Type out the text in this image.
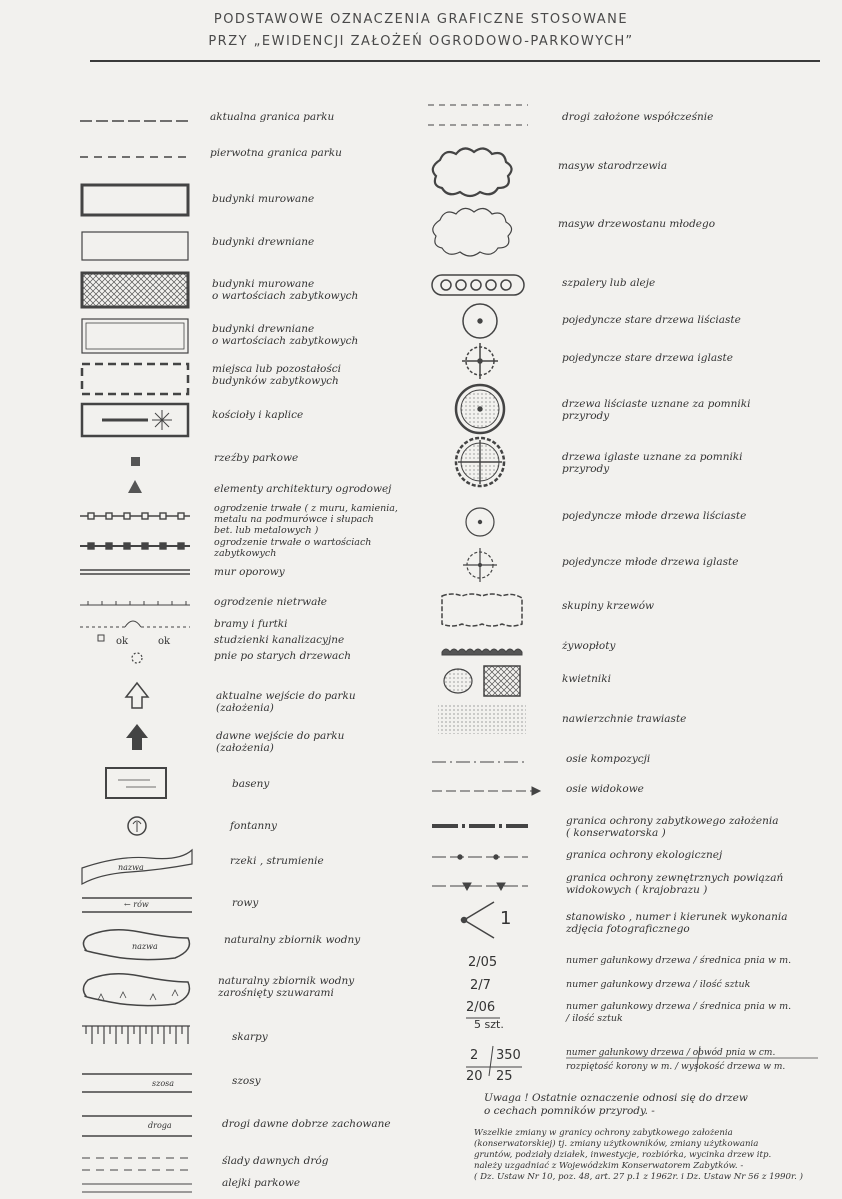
PODSTAWOWE OZNACZENIA GRAFICZNE STOSOWANE
PRZY „EWIDENCJI ZAŁOŻEŃ OGRODOWO-PARKOWYCH”
aktualna granica parku
pierwotna granica parku
budynki murowane
budynki drewniane
budynki murowane
o wartościach zabytkowych
budynki drewniane
o wartościach zabytkowych
miejsca lub pozostałości
budynków zabytkowych
kościoły i kaplice
rzeźby parkowe
elementy architektury ogrodowej
ogrodzenie trwałe ( z muru, kamienia,
metalu na podmurówce i słupach
bet. lub metalowych )
ogrodzenie trwałe o wartościach
zabytkowych
mur oporowy
ogrodzenie nietrwałe
bramy i furtki
studzienki kanalizacyjne
pnie po starych drzewach
aktualne wejście do parku
(założenia)
dawne wejście do parku
(założenia)
baseny
fontanny
rzeki , strumienie
rowy
naturalny zbiornik wodny
naturalny zbiornik wodny
zarośnięty szuwarami
skarpy
szosy
drogi dawne dobrze zachowane
ślady dawnych dróg
alejki parkowe
ok	ok
nazwa
← rów
nazwa
szosa
droga
drogi założone współcześnie
masyw starodrzewia
masyw drzewostanu młodego
szpalery lub aleje
pojedyncze stare drzewa liściaste
pojedyncze stare drzewa iglaste
drzewa liściaste uznane za pomniki
przyrody
drzewa iglaste uznane za pomniki
przyrody
pojedyncze młode drzewa liściaste
pojedyncze młode drzewa iglaste
skupiny krzewów
żywopłoty
kwietniki
nawierzchnie trawiaste
osie kompozycji
osie widokowe
granica ochrony zabytkowego założenia
( konserwatorska )
granica ochrony ekologicznej
granica ochrony zewnętrznych powiązań
widokowych ( krajobrazu )
stanowisko , numer i kierunek wykonania
zdjęcia fotograficznego
numer gałunkowy drzewa / średnica pnia w m.
numer gałunkowy drzewa / ilość sztuk
numer gałunkowy drzewa / średnica pnia w m.
/ ilość sztuk
numer gałunkowy drzewa / obwód pnia w cm.
rozpiętość korony w m. / wysokość drzewa w m.
1
2/05
2/7
2/06
5 szt.
2 350
20 25
Uwaga ! Ostatnie oznaczenie odnosi się do drzew
o cechach pomników przyrody. -
Wszelkie zmiany w granicy ochrony zabytkowego założenia
(konserwatorskiej) tj. zmiany użytkowników, zmiany użytkowania
gruntów, podziały działek, inwestycje, rozbiórka, wycinka drzew itp.
należy uzgadniać z Wojewódzkim Konserwatorem Zabytków. -
( Dz. Ustaw Nr 10, poz. 48, art. 27 p.1 z 1962r. i Dz. Ustaw Nr 56 z 1990r. )
